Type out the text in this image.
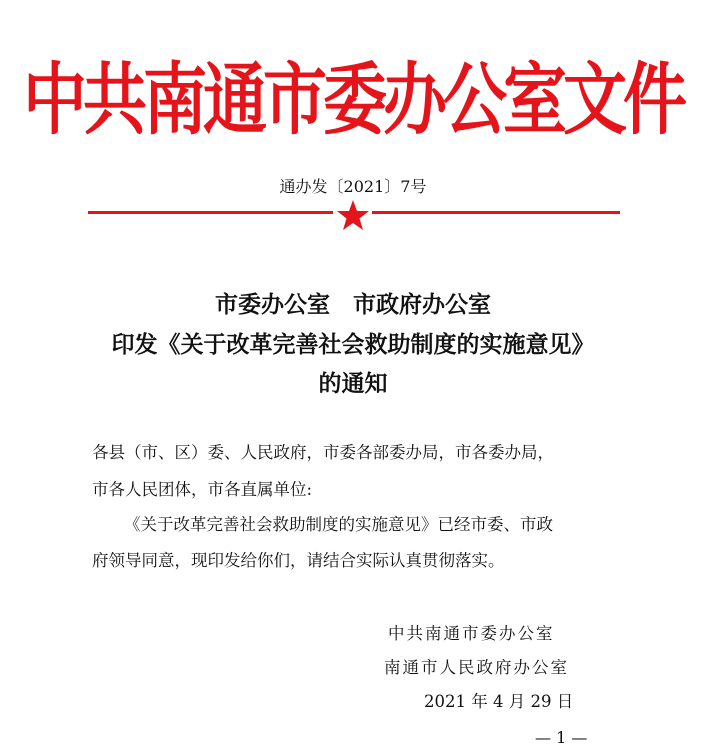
中共南通市委办公室文件
通办发〔2021〕7号
市委办公室　市政府办公室
印发《关于改革完善社会救助制度的实施意见》
的通知
各县（市、区）委、人民政府，市委各部委办局，市各委办局，
市各人民团体，市各直属单位:
《关于改革完善社会救助制度的实施意见》已经市委、市政
府领导同意，现印发给你们，请结合实际认真贯彻落实。
中共南通市委办公室
南通市人民政府办公室
2021 年 4 月 29 日
— 1 —
